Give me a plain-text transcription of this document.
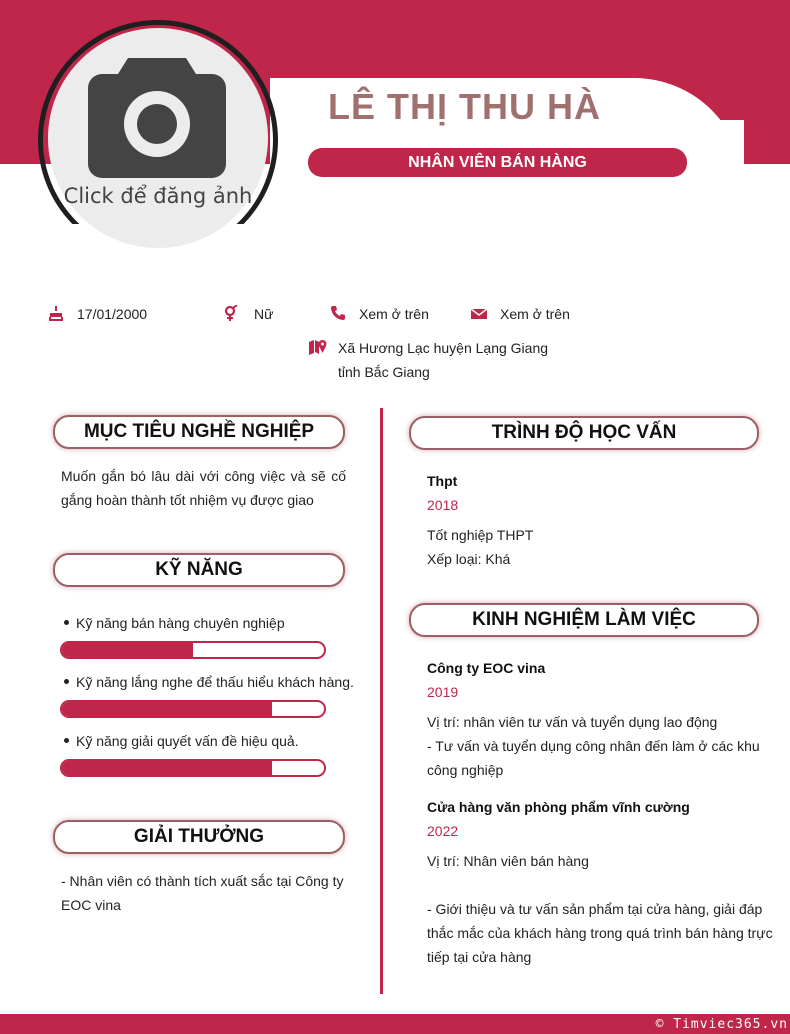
Click để đăng ảnh
LÊ THỊ THU HÀ
NHÂN VIÊN BÁN HÀNG
17/01/2000	Nữ	Xem ở trên	Xem ở trên
Xã Hương Lạc huyện Lạng Giang
tỉnh Bắc Giang
MỤC TIÊU NGHỀ NGHIỆP
Muốn gắn bó lâu dài với công việc và sẽ cố gắng hoàn thành tốt nhiệm vụ được giao
KỸ NĂNG
Kỹ năng bán hàng chuyên nghiệp
Kỹ năng lắng nghe để thấu hiểu khách hàng.
Kỹ năng giải quyết vấn đề hiệu quả.
GIẢI THƯỞNG
- Nhân viên có thành tích xuất sắc tại Công ty EOC vina
TRÌNH ĐỘ HỌC VẤN
Thpt
2018
Tốt nghiệp THPT
Xếp loại: Khá
KINH NGHIỆM LÀM VIỆC
Công ty EOC vina
2019
Vị trí: nhân viên tư vấn và tuyển dụng lao động
- Tư vấn và tuyển dụng công nhân đến làm ở các khu công nghiệp
Cửa hàng văn phòng phẩm vĩnh cường
2022
Vị trí: Nhân viên bán hàng
- Giới thiệu và tư vấn sản phẩm tại cửa hàng, giải đáp thắc mắc của khách hàng trong quá trình bán hàng trực tiếp tại cửa hàng
© Timviec365.vn
